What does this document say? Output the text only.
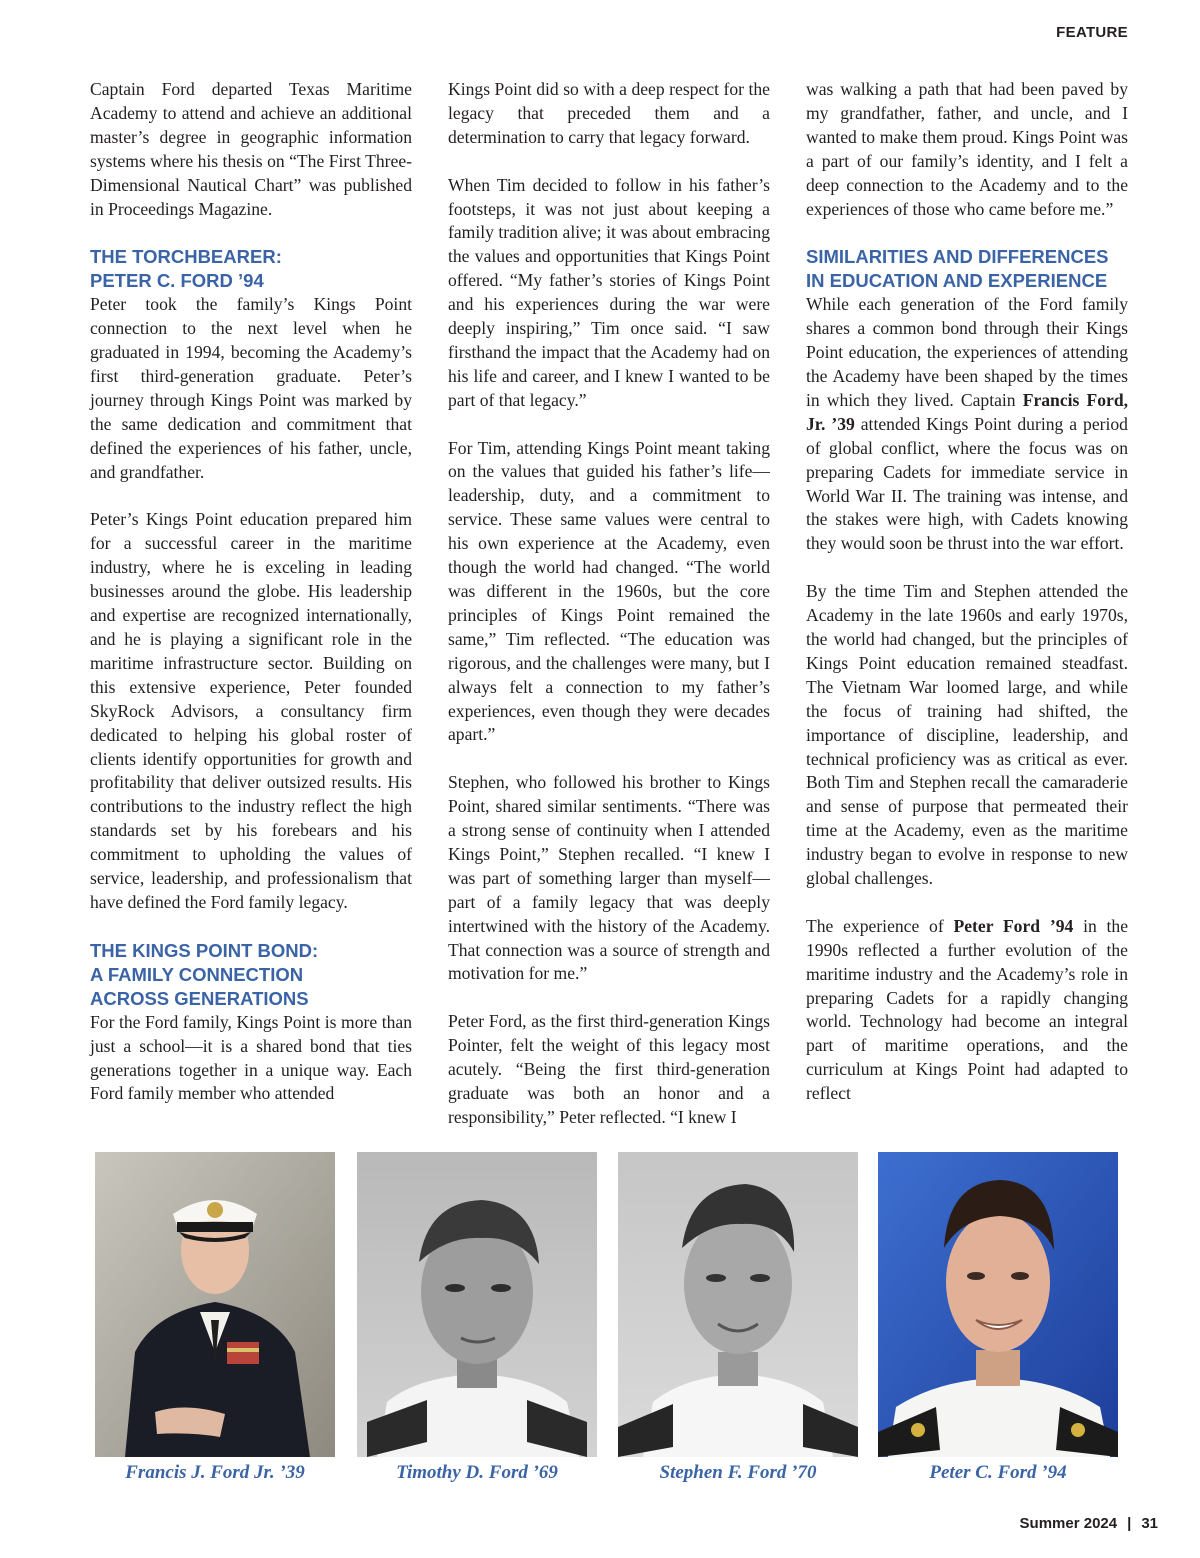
FEATURE

Captain Ford departed Texas Maritime Academy to attend and achieve an additional master’s degree in geographic information systems where his thesis on “The First Three-Dimensional Nautical Chart” was published in Proceedings Magazine.

THE TORCHBEARER:
PETER C. FORD ’94

Peter took the family’s Kings Point connection to the next level when he graduated in 1994, becoming the Academy’s first third-generation graduate. Peter’s journey through Kings Point was marked by the same dedication and commitment that defined the experiences of his father, uncle, and grandfather.

Peter’s Kings Point education prepared him for a successful career in the maritime industry, where he is exceling in leading businesses around the globe. His leadership and expertise are recognized internationally, and he is playing a significant role in the maritime infrastructure sector. Building on this extensive experience, Peter founded SkyRock Advisors, a consultancy firm dedicated to helping his global roster of clients identify opportunities for growth and profitability that deliver outsized results. His contributions to the industry reflect the high standards set by his forebears and his commitment to upholding the values of service, leadership, and professionalism that have defined the Ford family legacy.

THE KINGS POINT BOND:
A FAMILY CONNECTION
ACROSS GENERATIONS

For the Ford family, Kings Point is more than just a school—it is a shared bond that ties generations together in a unique way. Each Ford family member who attended

Kings Point did so with a deep respect for the legacy that preceded them and a determination to carry that legacy forward.

When Tim decided to follow in his father’s footsteps, it was not just about keeping a family tradition alive; it was about embracing the values and opportunities that Kings Point offered. “My father’s stories of Kings Point and his experiences during the war were deeply inspiring,” Tim once said. “I saw firsthand the impact that the Academy had on his life and career, and I knew I wanted to be part of that legacy.”

For Tim, attending Kings Point meant taking on the values that guided his father’s life—leadership, duty, and a commitment to service. These same values were central to his own experience at the Academy, even though the world had changed. “The world was different in the 1960s, but the core principles of Kings Point remained the same,” Tim reflected. “The education was rigorous, and the challenges were many, but I always felt a connection to my father’s experiences, even though they were decades apart.”

Stephen, who followed his brother to Kings Point, shared similar sentiments. “There was a strong sense of continuity when I attended Kings Point,” Stephen recalled. “I knew I was part of something larger than myself—part of a family legacy that was deeply intertwined with the history of the Academy. That connection was a source of strength and motivation for me.”

Peter Ford, as the first third-generation Kings Pointer, felt the weight of this legacy most acutely. “Being the first third-generation graduate was both an honor and a responsibility,” Peter reflected. “I knew I

was walking a path that had been paved by my grandfather, father, and uncle, and I wanted to make them proud. Kings Point was a part of our family’s identity, and I felt a deep connection to the Academy and to the experiences of those who came before me.”

SIMILARITIES AND DIFFERENCES
IN EDUCATION AND EXPERIENCE

While each generation of the Ford family shares a common bond through their Kings Point education, the experiences of attending the Academy have been shaped by the times in which they lived. Captain Francis Ford, Jr. ’39 attended Kings Point during a period of global conflict, where the focus was on preparing Cadets for immediate service in World War II. The training was intense, and the stakes were high, with Cadets knowing they would soon be thrust into the war effort.

By the time Tim and Stephen attended the Academy in the late 1960s and early 1970s, the world had changed, but the principles of Kings Point education remained steadfast. The Vietnam War loomed large, and while the focus of training had shifted, the importance of discipline, leadership, and technical proficiency was as critical as ever. Both Tim and Stephen recall the camaraderie and sense of purpose that permeated their time at the Academy, even as the maritime industry began to evolve in response to new global challenges.

The experience of Peter Ford ’94 in the 1990s reflected a further evolution of the maritime industry and the Academy’s role in preparing Cadets for a rapidly changing world. Technology had become an integral part of maritime operations, and the curriculum at Kings Point had adapted to reflect

Francis J. Ford Jr. ’39	Timothy D. Ford ’69	Stephen F. Ford ’70	Peter C. Ford ’94
Summer 2024 | 31
